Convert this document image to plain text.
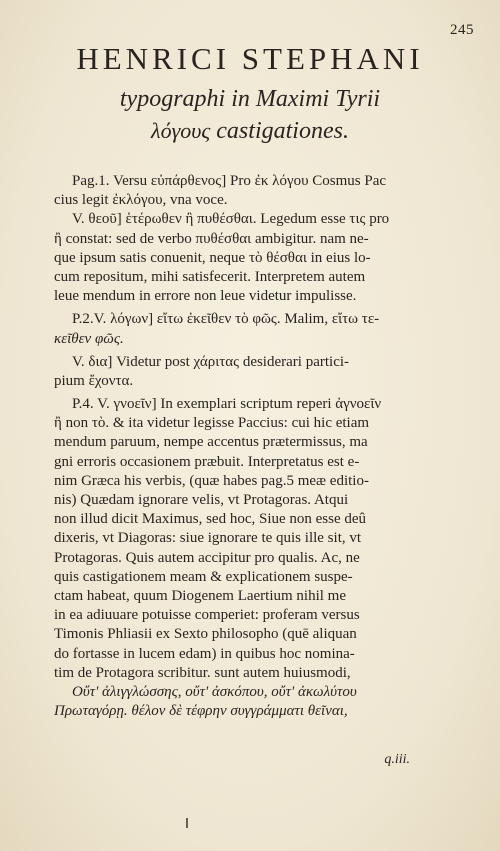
245
HENRICI STEPHANI
typographi in Maximi Tyrii
λόγους castigationes.
Pag.1. Versu εὐπάρθενος] Pro ἐκ λόγου Cosmus Pac
cius legit ἐκλόγου, vna voce.
V. θεοῦ] ἑτέρωθεν ἢ πυθέσθαι. Legedum esse τις pro
ἢ constat: sed de verbo πυθέσθαι ambigitur. nam ne-
que ipsum satis conuenit, neque τὸ θέσθαι in eius lo-
cum repositum, mihi satisfecerit. Interpretem autem
leue mendum in errore non leue videtur impulisse.
P.2.V. λόγων] εἴτω ἐκεῖθεν τὸ φῶς. Malim, εἴτω τε-
κεῖθεν φῶς.
V. δια] Videtur post χάριτας desiderari partici-
pium ἔχοντα.
P.4. V. γνοεῖν] In exemplari scriptum reperi ἀγνοεῖν
ἢ non τὸ. & ita videtur legisse Paccius: cui hic etiam
mendum paruum, nempe accentus prætermissus, ma
gni erroris occasionem præbuit. Interpretatus est e-
nim Græca his verbis, (quæ habes pag.5 meæ editio-
nis) Quædam ignorare velis, vt Protagoras. Atqui
non illud dicit Maximus, sed hoc, Siue non esse deû
dixeris, vt Diagoras: siue ignorare te quis ille sit, vt
Protagoras. Quis autem accipitur pro qualis. Ac, ne
quis castigationem meam & explicationem suspe-
ctam habeat, quum Diogenem Laertium nihil me
in ea adiuuare potuisse comperiet: proferam versus
Timonis Phliasii ex Sexto philosopho (quē aliquan
do fortasse in lucem edam) in quibus hoc nomina-
tim de Protagora scribitur. sunt autem huiusmodi,
Οὔτ' ἀλιγγλώσσης, οὔτ' ἀσκόπου, οὔτ' ἀκωλύτου
Πρωταγόρῃ. θέλον δὲ τέφρην συγγράμματι θεῖναι,
q.iii.
